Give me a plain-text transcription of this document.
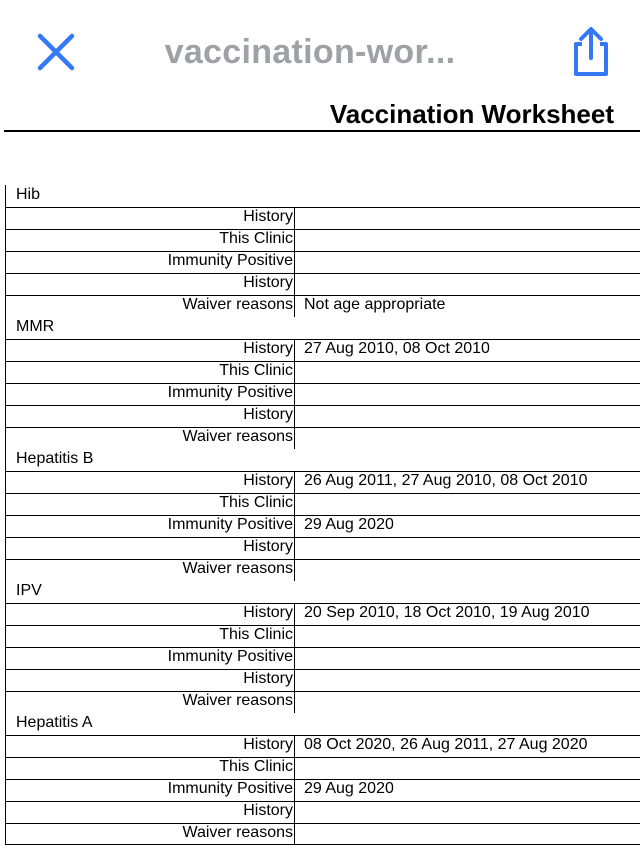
vaccination-wor...
Vaccination Worksheet
Hib
History
This Clinic
Immunity Positive
History
Waiver reasons Not age appropriate
MMR
History 27 Aug 2010, 08 Oct 2010
This Clinic
Immunity Positive
History
Waiver reasons
Hepatitis B
History 26 Aug 2011, 27 Aug 2010, 08 Oct 2010
This Clinic
Immunity Positive 29 Aug 2020
History
Waiver reasons
IPV
History 20 Sep 2010, 18 Oct 2010, 19 Aug 2010
This Clinic
Immunity Positive
History
Waiver reasons
Hepatitis A
History 08 Oct 2020, 26 Aug 2011, 27 Aug 2020
This Clinic
Immunity Positive 29 Aug 2020
History
Waiver reasons
